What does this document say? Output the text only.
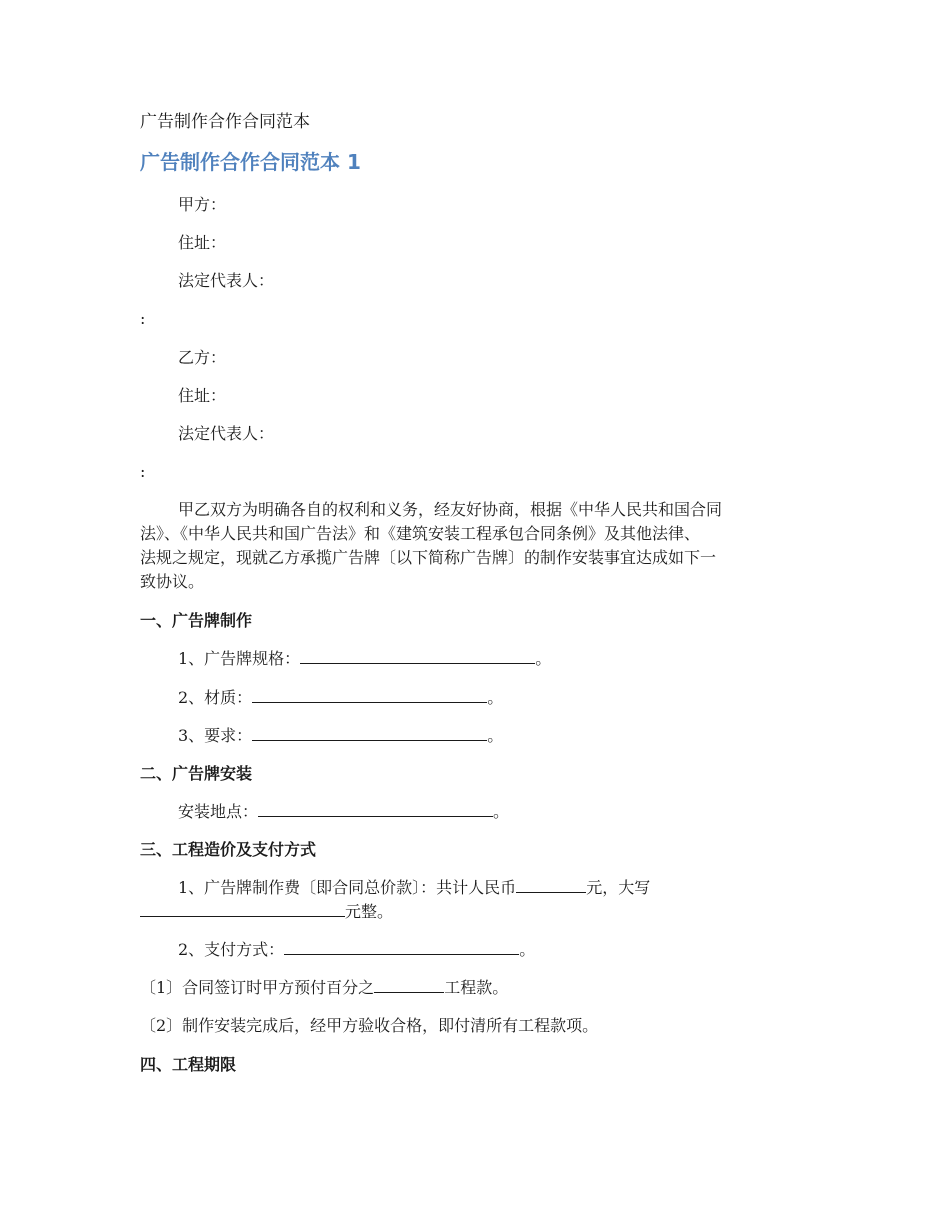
广告制作合作合同范本
广告制作合作合同范本 1
甲方：
住址：
法定代表人：
:
乙方：
住址：
法定代表人：
:
甲乙双方为明确各自的权利和义务，经友好协商，根据《中华人民共和国合同
法》、《中华人民共和国广告法》和《建筑安装工程承包合同条例》及其他法律、
法规之规定，现就乙方承揽广告牌〔以下简称广告牌〕的制作安装事宜达成如下一
致协议。
一、广告牌制作
1、广告牌规格：	。
2、材质：	。
3、要求：	。
二、广告牌安装
安装地点：	。
三、工程造价及支付方式
1、广告牌制作费〔即合同总价款〕：共计人民币	元，大写
元整。
2、支付方式：	。
〔1〕合同签订时甲方预付百分之	工程款。
〔2〕制作安装完成后，经甲方验收合格，即付清所有工程款项。
四、工程期限
